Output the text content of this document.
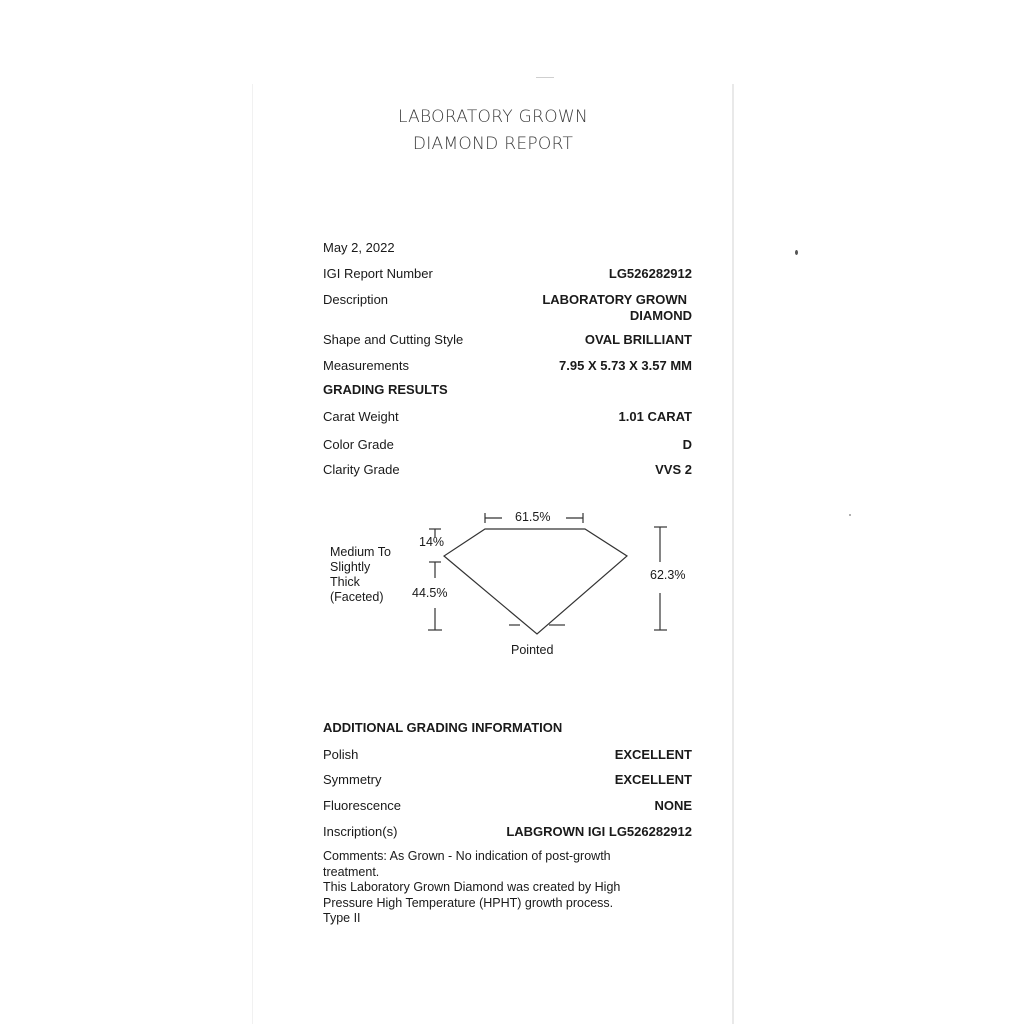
LABORATORY GROWN
DIAMOND REPORT
May 2, 2022
IGI Report Number	LG526282912
Description	LABORATORY GROWN
DIAMOND
Shape and Cutting Style	OVAL BRILLIANT
Measurements	7.95 X 5.73 X 3.57 MM
GRADING RESULTS
Carat Weight	1.01 CARAT
Color Grade	D
Clarity Grade	VVS 2
61.5%
14%
44.5%
62.3%
Medium To
Slightly
Thick
(Faceted)
Pointed
ADDITIONAL GRADING INFORMATION
Polish	EXCELLENT
Symmetry	EXCELLENT
Fluorescence	NONE
Inscription(s)	LABGROWN IGI LG526282912
Comments: As Grown - No indication of post-growth
treatment.
This Laboratory Grown Diamond was created by High
Pressure High Temperature (HPHT) growth process.
Type II
